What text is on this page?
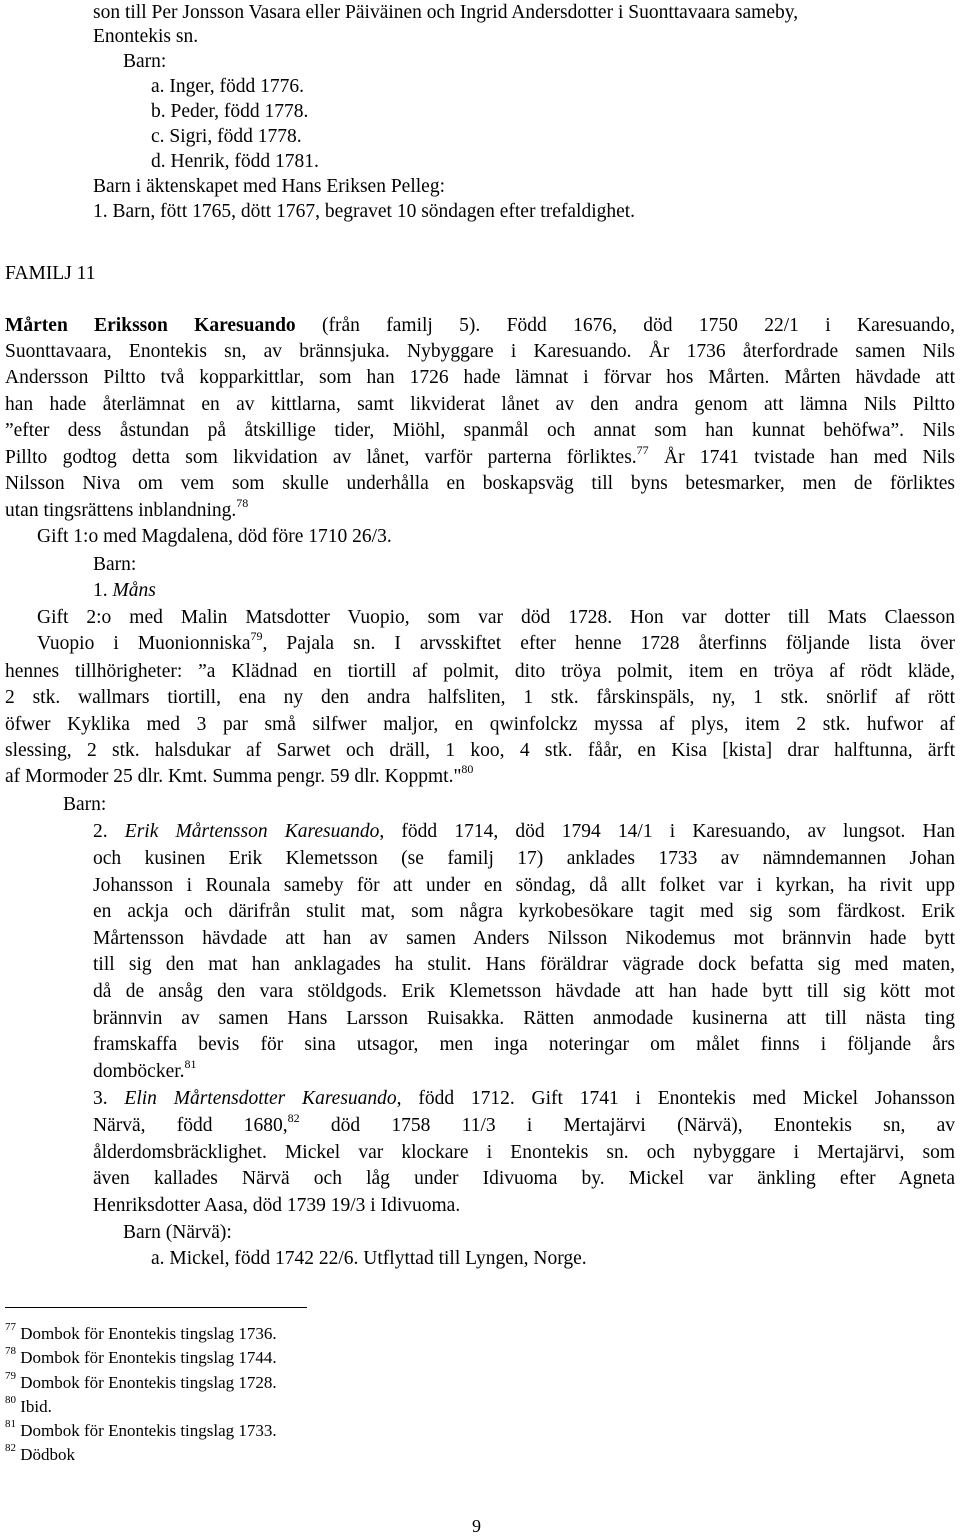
son till Per Jonsson Vasara eller Päiväinen och Ingrid Andersdotter i Suonttavaara sameby,
Enontekis sn.
Barn:
a. Inger, född 1776.
b. Peder, född 1778.
c. Sigri, född 1778.
d. Henrik, född 1781.
Barn i äktenskapet med Hans Eriksen Pelleg:
1. Barn, fött 1765, dött 1767, begravet 10 söndagen efter trefaldighet.
FAMILJ 11
Mårten Eriksson Karesuando (från familj 5). Född 1676, död 1750 22/1 i Karesuando,
Suonttavaara, Enontekis sn, av brännsjuka. Nybyggare i Karesuando. År 1736 återfordrade samen Nils
Andersson Piltto två kopparkittlar, som han 1726 hade lämnat i förvar hos Mårten. Mårten hävdade att
han hade återlämnat en av kittlarna, samt likviderat lånet av den andra genom att lämna Nils Piltto
”efter dess åstundan på åtskillige tider, Miöhl, spanmål och annat som han kunnat behöfwa”. Nils
Pillto godtog detta som likvidation av lånet, varför parterna förliktes.$^{77}$ År 1741 tvistade han med Nils
Nilsson Niva om vem som skulle underhålla en boskapsväg till byns betesmarker, men de förliktes
utan tingsrättens inblandning.$^{78}$
Gift 1:o med Magdalena, död före 1710 26/3.
Barn:
1. Måns
Gift 2:o med Malin Matsdotter Vuopio, som var död 1728. Hon var dotter till Mats Claesson
Vuopio i Muonionniska$^{79}$, Pajala sn. I arvsskiftet efter henne 1728 återfinns följande lista över
hennes tillhörigheter: ”a Klädnad en tiortill af polmit, dito tröya polmit, item en tröya af rödt kläde,
2 stk. wallmars tiortill, ena ny den andra halfsliten, 1 stk. fårskinspäls, ny, 1 stk. snörlif af rött
öfwer Kyklika med 3 par små silfwer maljor, en qwinfolckz myssa af plys, item 2 stk. hufwor af
slessing, 2 stk. halsdukar af Sarwet och dräll, 1 koo, 4 stk. fåår, en Kisa [kista] drar halftunna, ärft
af Mormoder 25 dlr. Kmt. Summa pengr. 59 dlr. Koppmt."$^{80}$
Barn:
2. Erik Mårtensson Karesuando, född 1714, död 1794 14/1 i Karesuando, av lungsot. Han
och kusinen Erik Klemetsson (se familj 17) anklades 1733 av nämndemannen Johan
Johansson i Rounala sameby för att under en söndag, då allt folket var i kyrkan, ha rivit upp
en ackja och därifrån stulit mat, som några kyrkobesökare tagit med sig som färdkost. Erik
Mårtensson hävdade att han av samen Anders Nilsson Nikodemus mot brännvin hade bytt
till sig den mat han anklagades ha stulit. Hans föräldrar vägrade dock befatta sig med maten,
då de ansåg den vara stöldgods. Erik Klemetsson hävdade att han hade bytt till sig kött mot
brännvin av samen Hans Larsson Ruisakka. Rätten anmodade kusinerna att till nästa ting
framskaffa bevis för sina utsagor, men inga noteringar om målet finns i följande års
domböcker.$^{81}$
3. Elin Mårtensdotter Karesuando, född 1712. Gift 1741 i Enontekis med Mickel Johansson
Närvä, född 1680,82 död 1758 11/3 i Mertajärvi (Närvä), Enontekis sn, av
ålderdomsbräcklighet. Mickel var klockare i Enontekis sn. och nybyggare i Mertajärvi, som
även kallades Närvä och låg under Idivuoma by. Mickel var änkling efter Agneta
Henriksdotter Aasa, död 1739 19/3 i Idivuoma.
Barn (Närvä):
a. Mickel, född 1742 22/6. Utflyttad till Lyngen, Norge.
$^{77}$ Dombok för Enontekis tingslag 1736.
$^{78}$ Dombok för Enontekis tingslag 1744.
$^{79}$ Dombok för Enontekis tingslag 1728.
$^{80}$ Ibid.
$^{81}$ Dombok för Enontekis tingslag 1733.
$^{82}$ Dödbok
9
